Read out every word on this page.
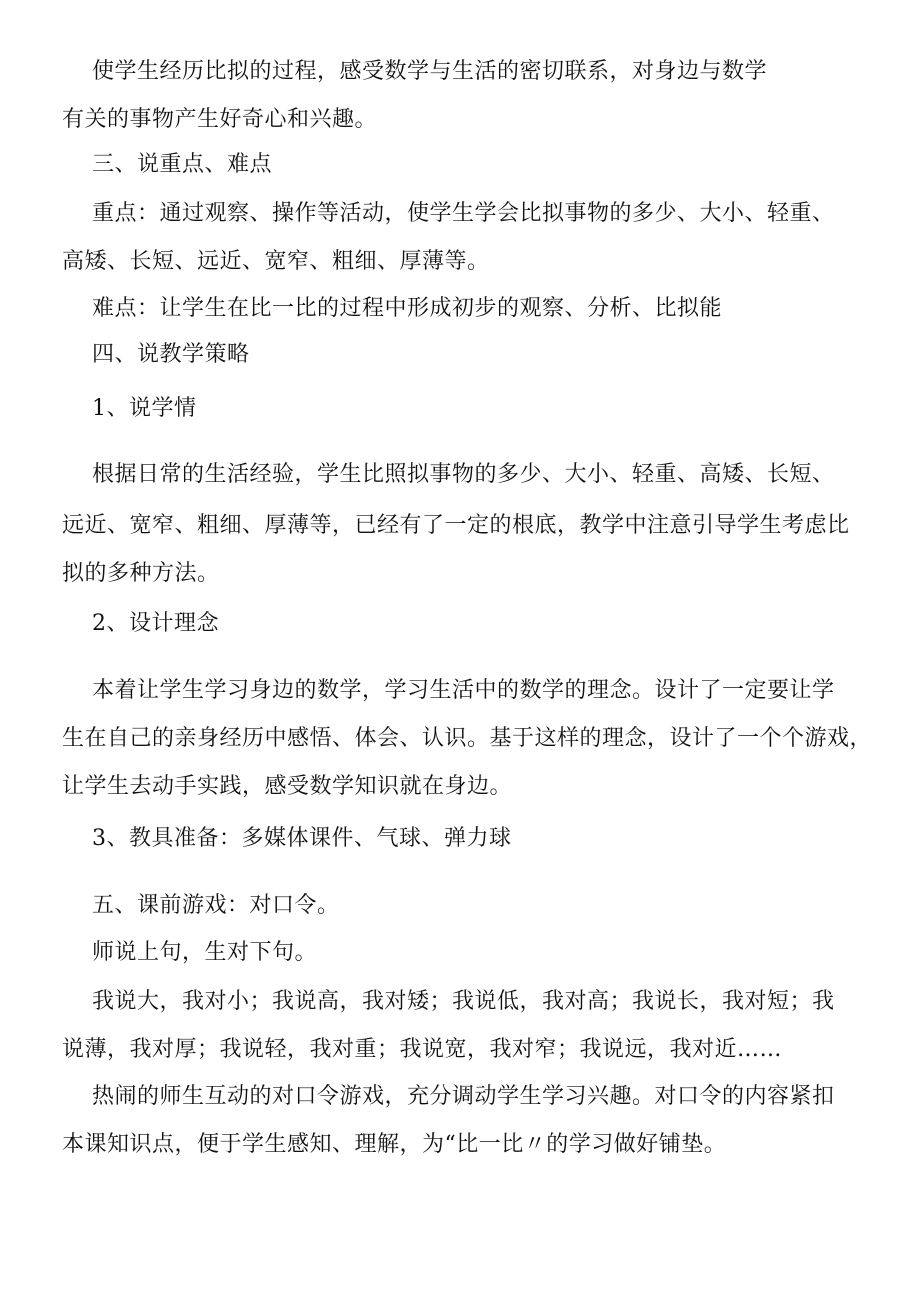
使学生经历比拟的过程，感受数学与生活的密切联系，对身边与数学
有关的事物产生好奇心和兴趣。
三、说重点、难点
重点：通过观察、操作等活动，使学生学会比拟事物的多少、大小、轻重、
高矮、长短、远近、宽窄、粗细、厚薄等。
难点：让学生在比一比的过程中形成初步的观察、分析、比拟能
四、说教学策略
1、说学情
根据日常的生活经验，学生比照拟事物的多少、大小、轻重、高矮、长短、
远近、宽窄、粗细、厚薄等，已经有了一定的根底，教学中注意引导学生考虑比
拟的多种方法。
2、设计理念
本着让学生学习身边的数学，学习生活中的数学的理念。设计了一定要让学
生在自己的亲身经历中感悟、体会、认识。基于这样的理念，设计了一个个游戏，
让学生去动手实践，感受数学知识就在身边。
3、教具准备：多媒体课件、气球、弹力球
五、课前游戏：对口令。
师说上句，生对下句。
我说大，我对小；我说高，我对矮；我说低，我对高；我说长，我对短；我
说薄，我对厚；我说轻，我对重；我说宽，我对窄；我说远，我对近……
热闹的师生互动的对口令游戏，充分调动学生学习兴趣。对口令的内容紧扣
本课知识点，便于学生感知、理解，为“比一比〃的学习做好铺垫。
